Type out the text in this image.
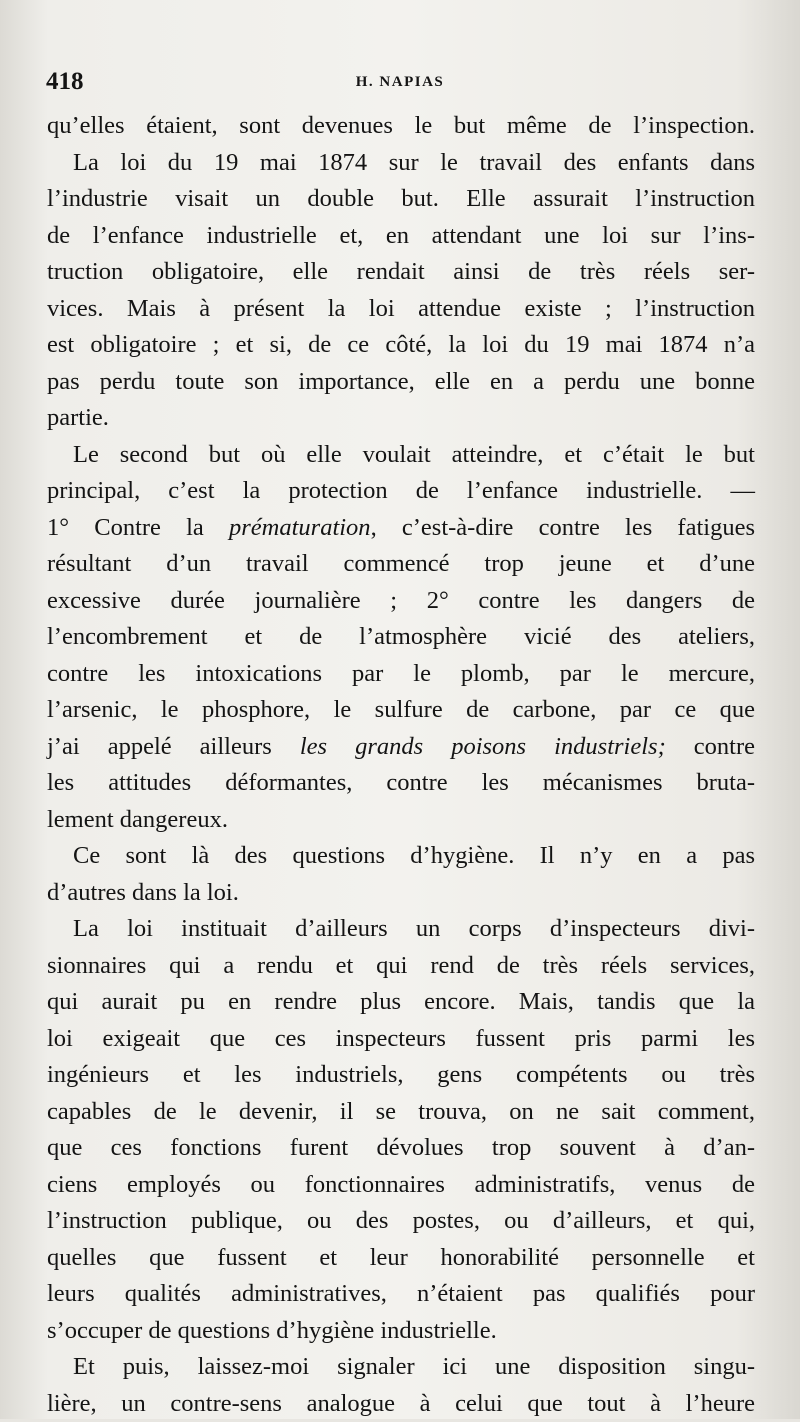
418	H. NAPIAS
qu’elles étaient, sont devenues le but même de l’inspection.
La loi du 19 mai 1874 sur le travail des enfants dans
l’industrie visait un double but. Elle assurait l’instruction
de l’enfance industrielle et, en attendant une loi sur l’ins-
truction obligatoire, elle rendait ainsi de très réels ser-
vices. Mais à présent la loi attendue existe ; l’instruction
est obligatoire ; et si, de ce côté, la loi du 19 mai 1874 n’a
pas perdu toute son importance, elle en a perdu une bonne
partie.
Le second but où elle voulait atteindre, et c’était le but
principal, c’est la protection de l’enfance industrielle. —
1° Contre la prématuration, c’est-à-dire contre les fatigues
résultant d’un travail commencé trop jeune et d’une
excessive durée journalière ; 2° contre les dangers de
l’encombrement et de l’atmosphère vicié des ateliers,
contre les intoxications par le plomb, par le mercure,
l’arsenic, le phosphore, le sulfure de carbone, par ce que
j’ai appelé ailleurs les grands poisons industriels; contre
les attitudes déformantes, contre les mécanismes bruta-
lement dangereux.
Ce sont là des questions d’hygiène. Il n’y en a pas
d’autres dans la loi.
La loi instituait d’ailleurs un corps d’inspecteurs divi-
sionnaires qui a rendu et qui rend de très réels services,
qui aurait pu en rendre plus encore. Mais, tandis que la
loi exigeait que ces inspecteurs fussent pris parmi les
ingénieurs et les industriels, gens compétents ou très
capables de le devenir, il se trouva, on ne sait comment,
que ces fonctions furent dévolues trop souvent à d’an-
ciens employés ou fonctionnaires administratifs, venus de
l’instruction publique, ou des postes, ou d’ailleurs, et qui,
quelles que fussent et leur honorabilité personnelle et
leurs qualités administratives, n’étaient pas qualifiés pour
s’occuper de questions d’hygiène industrielle.
Et puis, laissez-moi signaler ici une disposition singu-
lière, un contre-sens analogue à celui que tout à l’heure
